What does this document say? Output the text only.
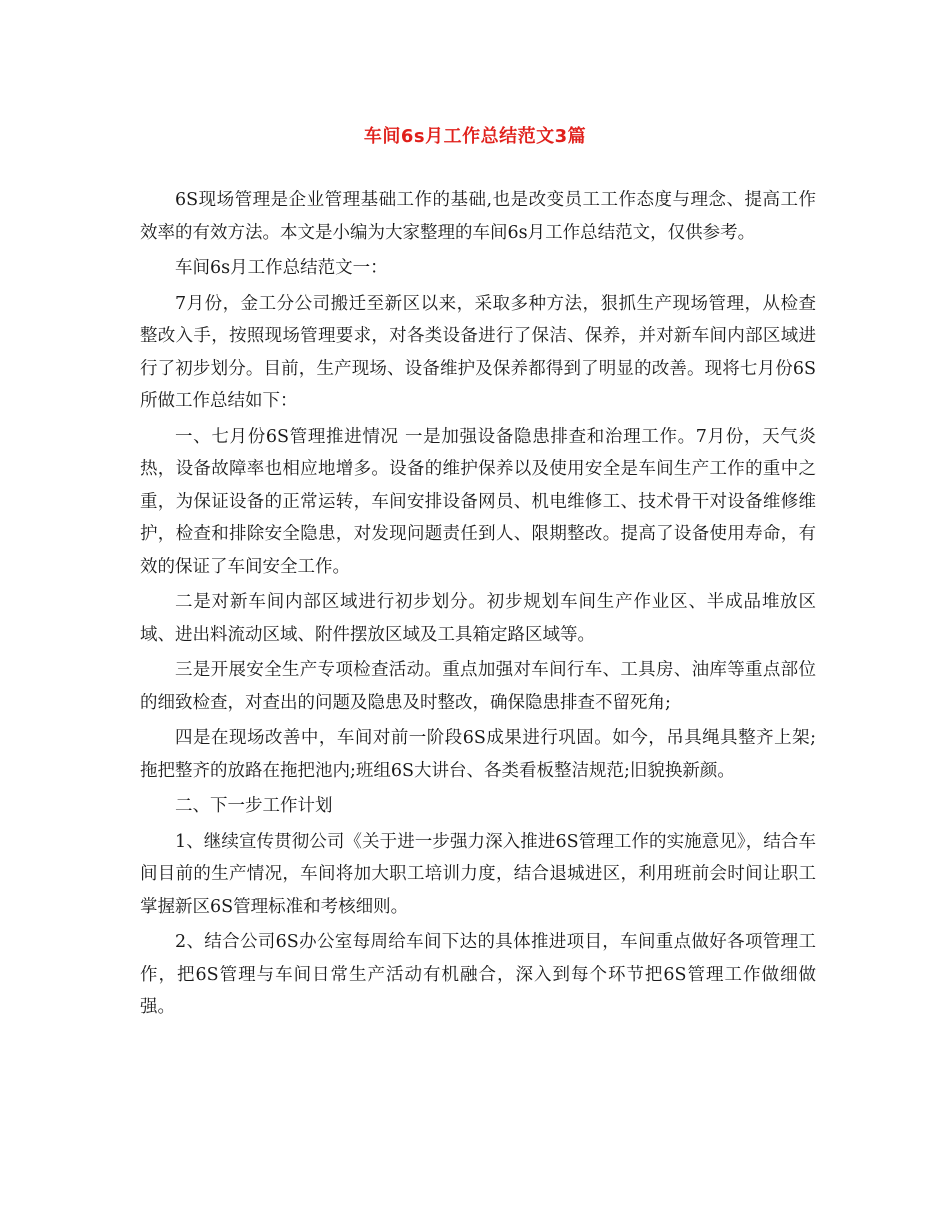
车间6s月工作总结范文3篇

6S现场管理是企业管理基础工作的基础,也是改变员工工作态度与理念、提高工作效率的有效方法。本文是小编为大家整理的车间6s月工作总结范文，仅供参考。

车间6s月工作总结范文一：

7月份，金工分公司搬迁至新区以来，采取多种方法，狠抓生产现场管理，从检查整改入手，按照现场管理要求，对各类设备进行了保洁、保养，并对新车间内部区域进行了初步划分。目前，生产现场、设备维护及保养都得到了明显的改善。现将七月份6S所做工作总结如下：

一、七月份6S管理推进情况 一是加强设备隐患排查和治理工作。7月份，天气炎热，设备故障率也相应地增多。设备的维护保养以及使用安全是车间生产工作的重中之重，为保证设备的正常运转，车间安排设备网员、机电维修工、技术骨干对设备维修维护，检查和排除安全隐患，对发现问题责任到人、限期整改。提高了设备使用寿命，有效的保证了车间安全工作。

二是对新车间内部区域进行初步划分。初步规划车间生产作业区、半成品堆放区域、进出料流动区域、附件摆放区域及工具箱定路区域等。

三是开展安全生产专项检查活动。重点加强对车间行车、工具房、油库等重点部位的细致检查，对查出的问题及隐患及时整改，确保隐患排查不留死角;

四是在现场改善中，车间对前一阶段6S成果进行巩固。如今，吊具绳具整齐上架;拖把整齐的放路在拖把池内;班组6S大讲台、各类看板整洁规范;旧貌换新颜。

二、下一步工作计划

1、继续宣传贯彻公司《关于进一步强力深入推进6S管理工作的实施意见》，结合车间目前的生产情况，车间将加大职工培训力度，结合退城进区，利用班前会时间让职工掌握新区6S管理标准和考核细则。

2、结合公司6S办公室每周给车间下达的具体推进项目，车间重点做好各项管理工作，把6S管理与车间日常生产活动有机融合，深入到每个环节把6S管理工作做细做强。
